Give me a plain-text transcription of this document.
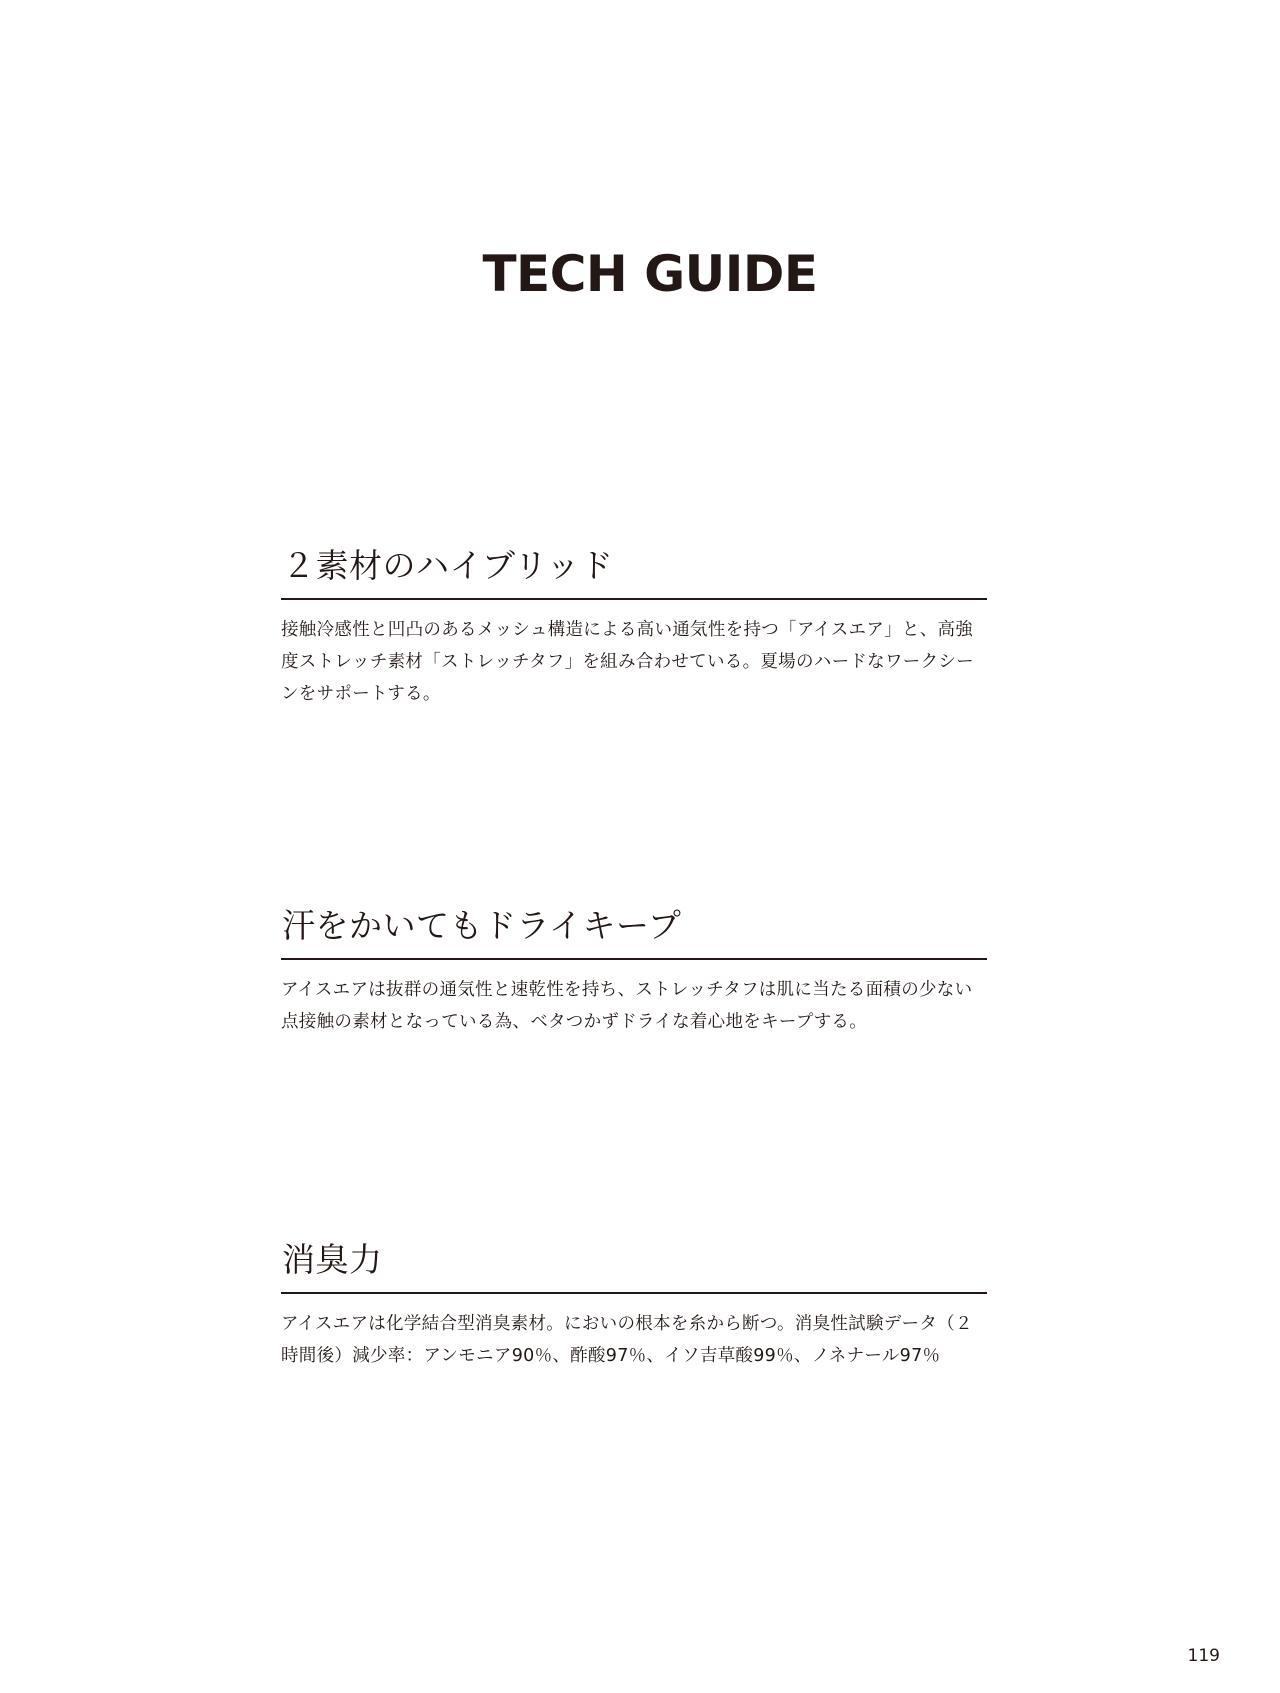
TECH GUIDE
２素材のハイブリッド

接触冷感性と凹凸のあるメッシュ構造による高い通気性を持つ「アイスエア」と、高強度ストレッチ素材「ストレッチタフ」を組み合わせている。夏場のハードなワークシーンをサポートする。

汗をかいてもドライキープ

アイスエアは抜群の通気性と速乾性を持ち、ストレッチタフは肌に当たる面積の少ない点接触の素材となっている為、ベタつかずドライな着心地をキープする。

消臭力

アイスエアは化学結合型消臭素材。においの根本を糸から断つ。消臭性試験データ（２時間後）減少率：アンモニア90％、酢酸97％、イソ吉草酸99％、ノネナール97％

119
